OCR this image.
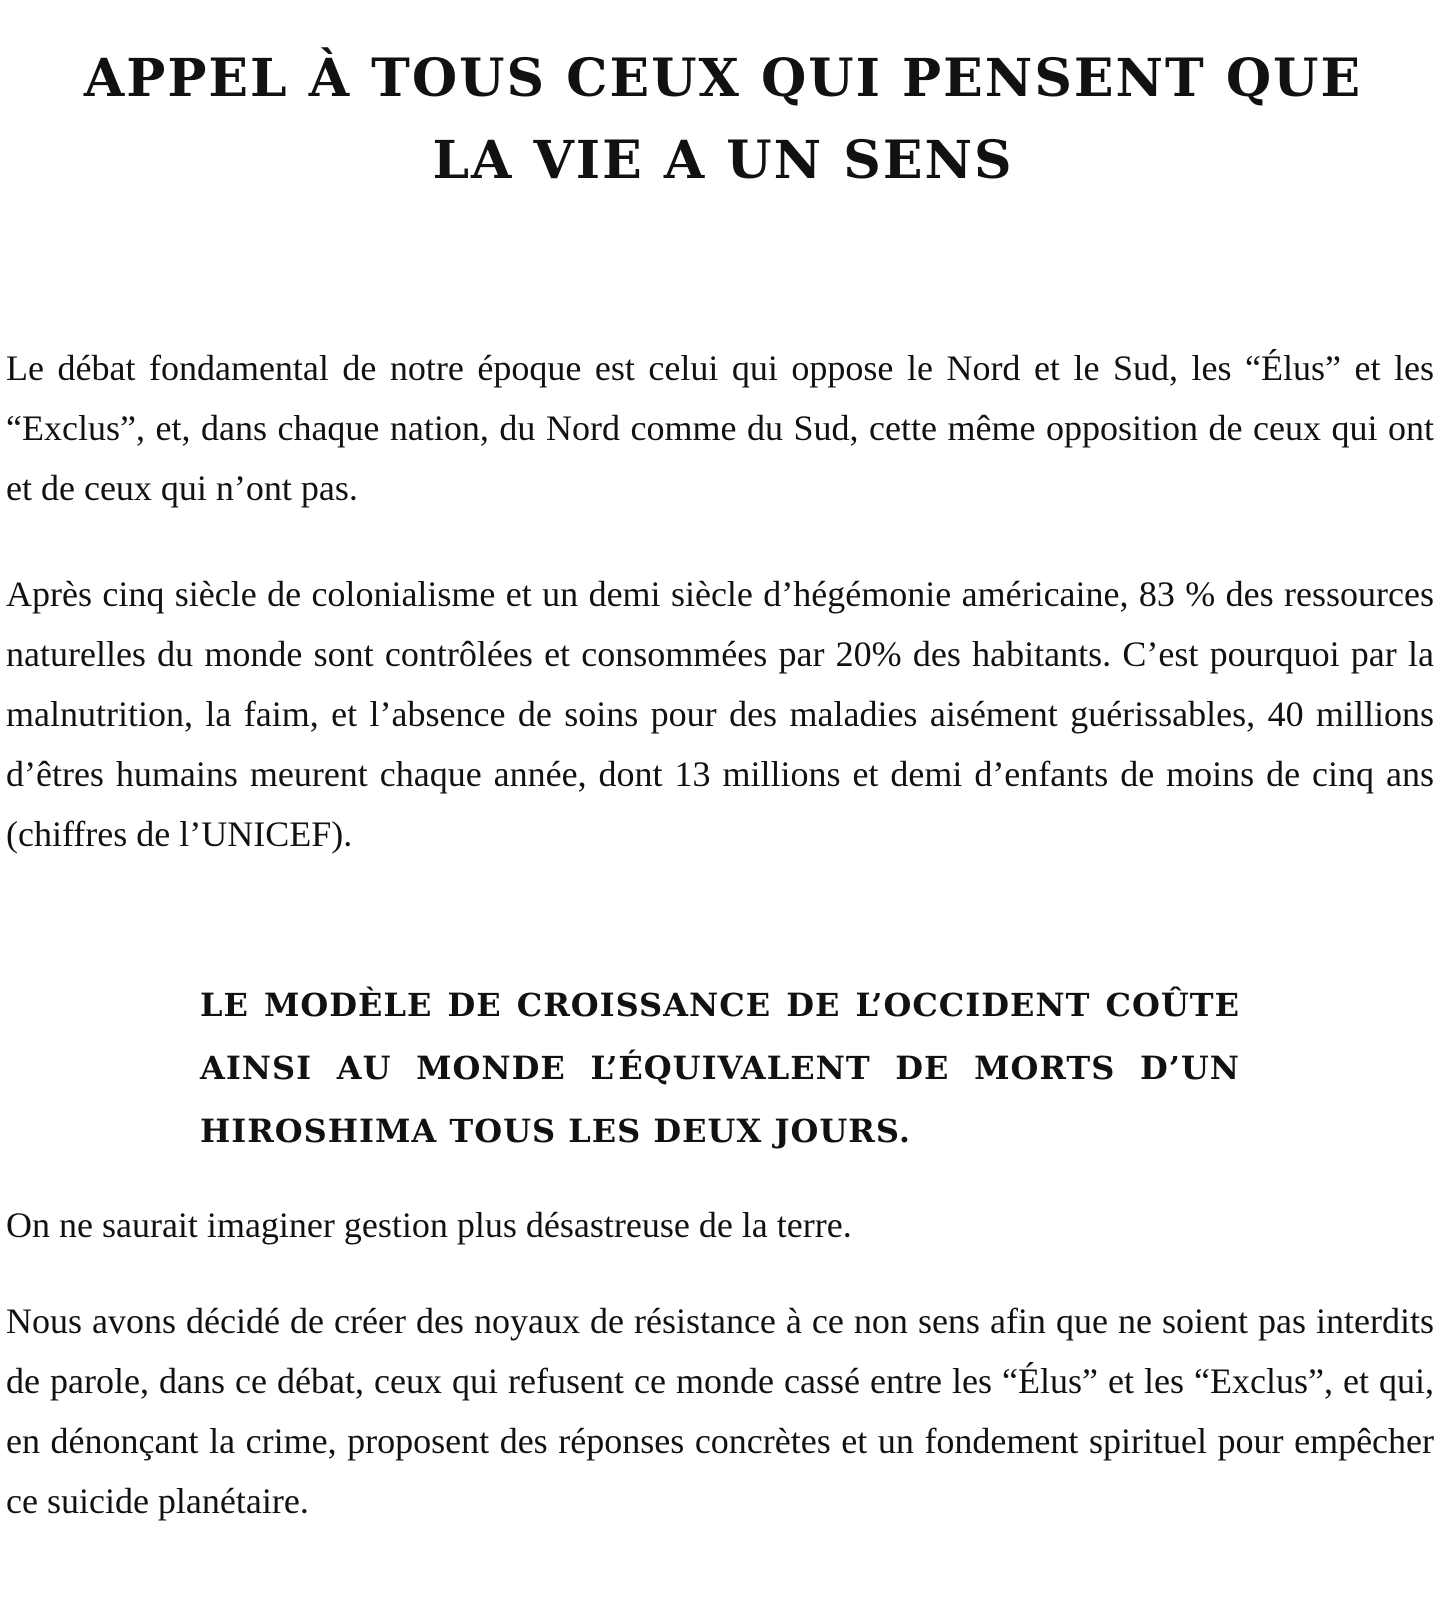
APPEL À TOUS CEUX QUI PENSENT QUE
LA VIE A UN SENS

Le débat fondamental de notre époque est celui qui oppose le Nord et le Sud, les “Élus” et les “Exclus”, et, dans chaque nation, du Nord comme du Sud, cette même opposition de ceux qui ont et de ceux qui n’ont pas.

Après cinq siècle de colonialisme et un demi siècle d’hégémonie américaine, 83 % des ressources naturelles du monde sont contrôlées et consommées par 20% des habitants. C’est pourquoi par la malnutrition, la faim, et l’absence de soins pour des maladies aisément guérissables, 40 millions d’êtres humains meurent chaque année, dont 13 millions et demi d’enfants de moins de cinq ans (chiffres de l’UNICEF).

LE MODÈLE DE CROISSANCE DE L’OCCIDENT COÛTE AINSI AU MONDE L’ÉQUIVALENT DE MORTS D’UN HIROSHIMA TOUS LES DEUX JOURS.

On ne saurait imaginer gestion plus désastreuse de la terre.

Nous avons décidé de créer des noyaux de résistance à ce non sens afin que ne soient pas interdits de parole, dans ce débat, ceux qui refusent ce monde cassé entre les “Élus” et les “Exclus”, et qui, en dénonçant la crime, proposent des réponses concrètes et un fondement spirituel pour empêcher ce suicide planétaire.
